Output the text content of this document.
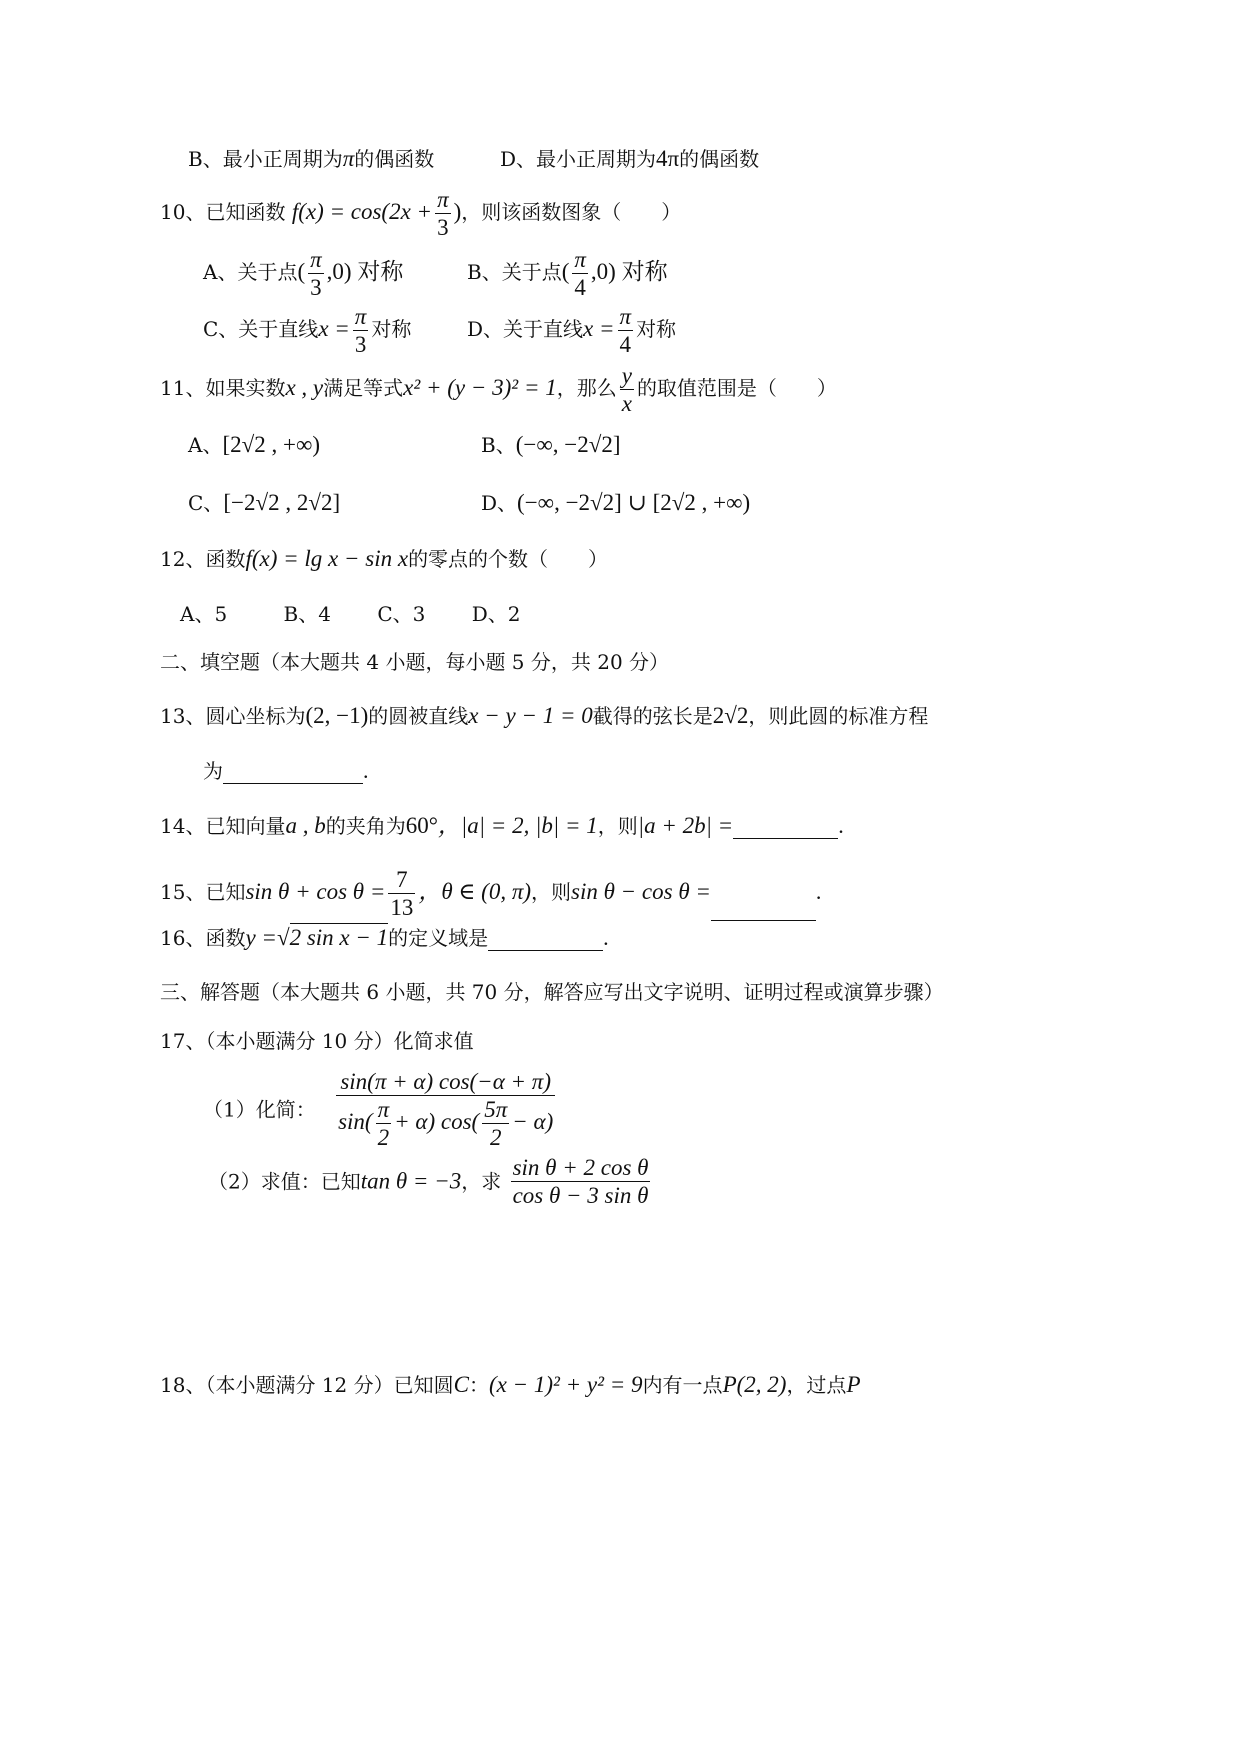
B、最小正周期为π的偶函数	D、最小正周期为4π的偶函数
10、已知函数 $f(x) = \cos(2x + \frac{\pi}{3}$ )，则该函数图象（　　）
A、关于点( $\frac{\pi}{3} ,0$) 对称	B、关于点( $\frac{\pi}{4} ,0$) 对称
C、关于直线$x = \frac{\pi}{3}$ 对称	D、关于直线$x = \frac{\pi}{4}$ 对称
11、如果实数x , y满足等式x² + (y − 3)² = 1，那么 $\frac{y}{x}$ 的取值范围是（　　）
A、[2√2 , +∞)	B、(−∞, −2√2]
C、[−2√2 , 2√2]	D、(−∞, −2√2] ∪ [2√2 , +∞)
12、函数f(x) = lg x − sin x的零点的个数（　　）
A、5	B、4 C、3 D、2
二、填空题（本大题共 4 小题，每小题 5 分，共 20 分）
13、圆心坐标为(2, −1)的圆被直线x − y − 1 = 0截得的弦长是2√2，则此圆的标准方程
为	.
14、已知向量a , b的夹角为60°，|a| = 2, |b| = 1，则|a + 2b| =	.
15、已知$\sin \theta + \cos \theta = \frac{7}{13}$ ，θ ∈ (0, π)，则sin θ − cos θ =	.
16、函数y =√2 sin x − 1的定义域是	.
三、解答题（本大题共 6 小题，共 70 分，解答应写出文字说明、证明过程或演算步骤）
17、（本小题满分 10 分）化简求值
（1）化简： $\frac{\sin(\pi + \alpha) \cos(-\alpha + \pi)}{\sin( \frac{\pi}{2} + \alpha) \cos( \frac{5\pi}{2} - \alpha)}$
（2）求值：已知tan θ = −3，求 $\frac{\text{sin θ + 2 cos θ}}{\text{cos θ − 3 sin θ}}$
18、（本小题满分 12 分）已知圆C：(x − 1)² + y² = 9内有一点P(2, 2)，过点P
